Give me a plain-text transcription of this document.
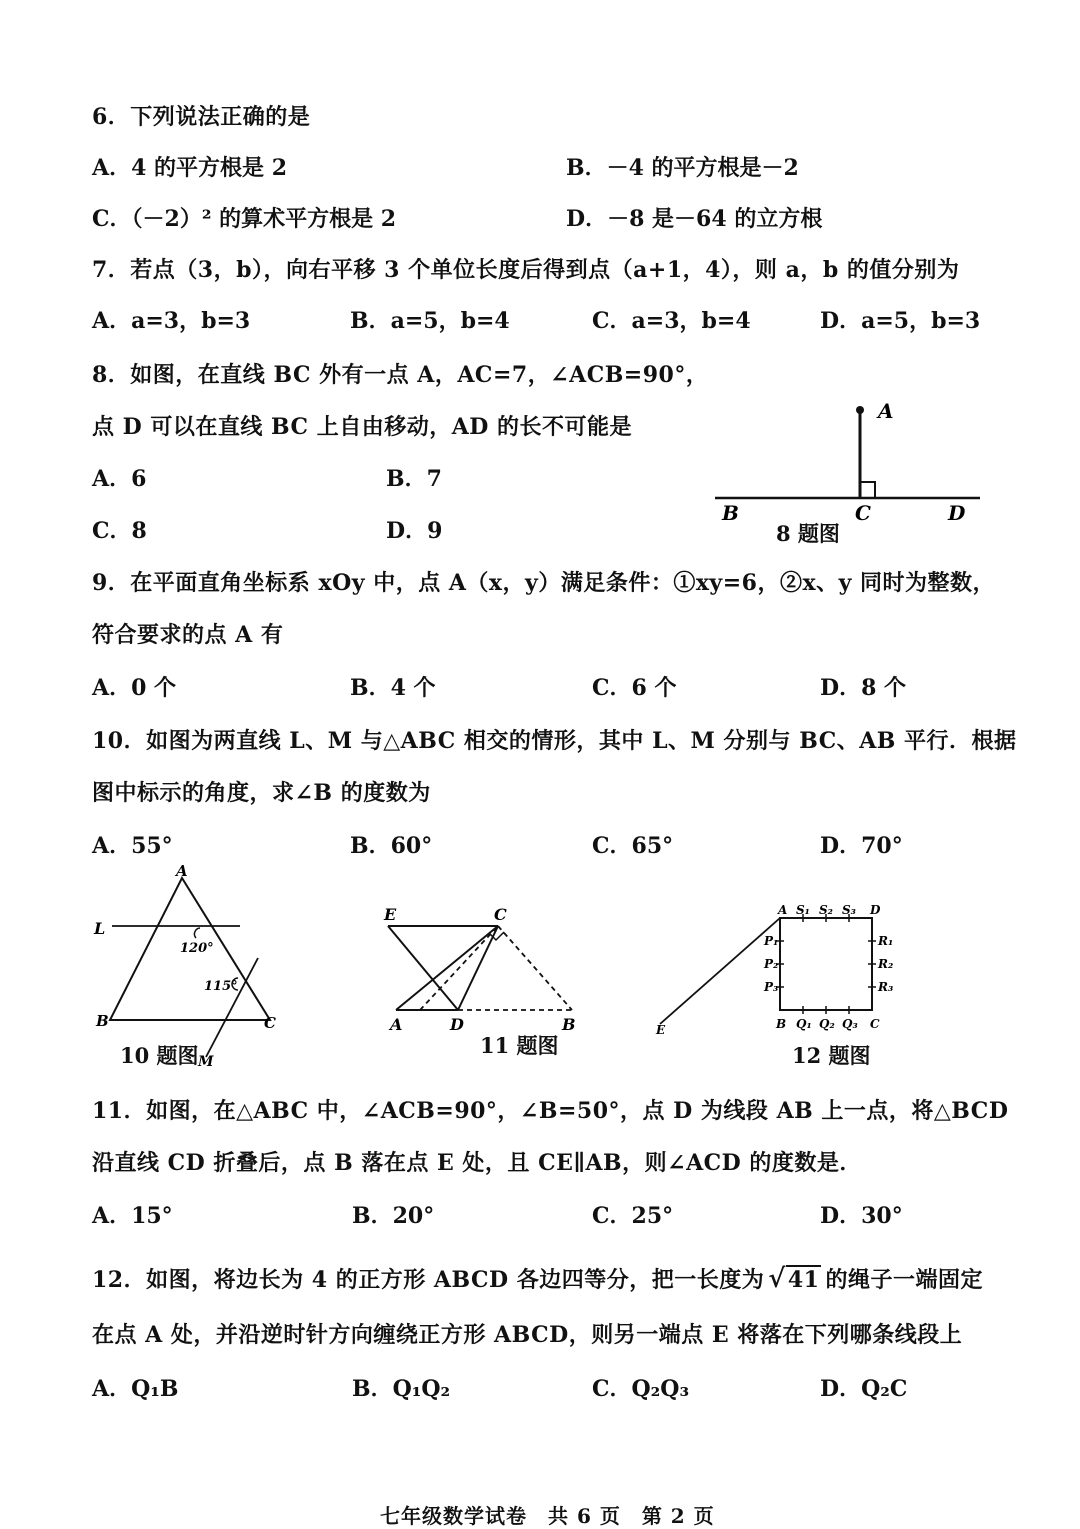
6．下列说法正确的是
A．4 的平方根是 2	B．－4 的平方根是－2
C．（－2）² 的算术平方根是 2	D．－8 是－64 的立方根
7．若点（3，b），向右平移 3 个单位长度后得到点（a+1，4），则 a，b 的值分别为
A．a=3，b=3	B．a=5，b=4	C．a=3，b=4	D．a=5，b=3
8．如图，在直线 BC 外有一点 A，AC=7，∠ACB=90°，
点 D 可以在直线 BC 上自由移动，AD 的长不可能是
A．6	B．7
C．8	D．9
A
B	C	D
8 题图
9．在平面直角坐标系 xOy 中，点 A（x，y）满足条件：①xy=6，②x、y 同时为整数，
符合要求的点 A 有
A．0 个	B．4 个	C．6 个	D．8 个
10．如图为两直线 L、M 与△ABC 相交的情形，其中 L、M 分别与 BC、AB 平行．根据
图中标示的角度，求∠B 的度数为
A．55°	B．60°	C．65°	D．70°
A
L
B	C
M
120°
115°
10 题图
E	C
A	D	B
11 题图
A S₁ S₂ S₃ D
P₁
P₂
P₃
R₁
R₂
R₃
B Q₁ Q₂ Q₃ C
E
12 题图
11．如图，在△ABC 中，∠ACB=90°，∠B=50°，点 D 为线段 AB 上一点，将△BCD
沿直线 CD 折叠后，点 B 落在点 E 处，且 CE∥AB，则∠ACD 的度数是．
A．15°	B．20°	C．25°	D．30°
12．如图，将边长为 4 的正方形 ABCD 各边四等分，把一长度为 √41 的绳子一端固定
在点 A 处，并沿逆时针方向缠绕正方形 ABCD，则另一端点 E 将落在下列哪条线段上
A．Q₁B	B．Q₁Q₂	C．Q₂Q₃	D．Q₂C
七年级数学试卷　共 6 页　第 2 页
